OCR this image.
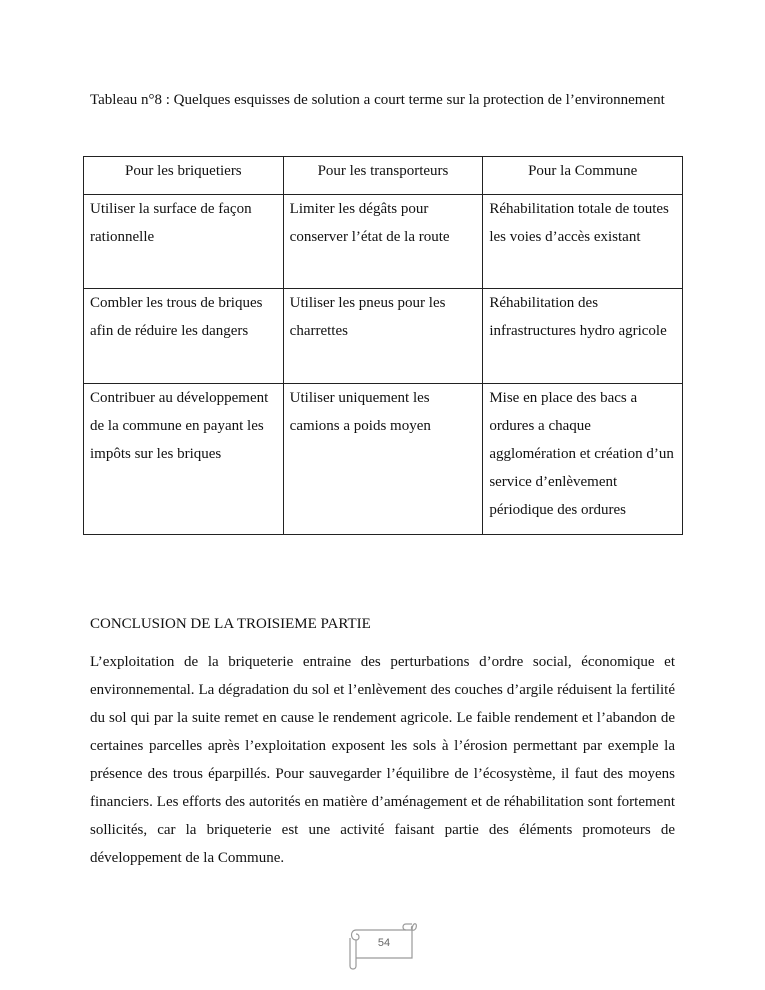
Tableau n°8 : Quelques esquisses de solution a court terme sur la protection de l’environnement
Pour les briquetiers	Pour les transporteurs	Pour la Commune
Utiliser la surface de façon rationnelle	Limiter les dégâts pour conserver l’état de la route	Réhabilitation totale de toutes les voies d’accès existant
Combler les trous de briques afin de réduire les dangers	Utiliser les pneus pour les charrettes	Réhabilitation des infrastructures hydro agricole
Contribuer au développement de la commune en payant les impôts sur les briques	Utiliser uniquement les camions a poids moyen	Mise en place des bacs a ordures a chaque agglomération et création d’un service d’enlèvement périodique des ordures
CONCLUSION DE LA TROISIEME PARTIE

L’exploitation de la briqueterie entraine des perturbations d’ordre social, économique et environnemental. La dégradation du sol et l’enlèvement des couches d’argile réduisent la fertilité du sol qui par la suite remet en cause le rendement agricole. Le faible rendement et l’abandon de certaines parcelles après l’exploitation exposent les sols à l’érosion permettant par exemple la présence des trous éparpillés. Pour sauvegarder l’équilibre de l’écosystème, il faut des moyens financiers. Les efforts des autorités en matière d’aménagement et de réhabilitation sont fortement sollicités, car la briqueterie est une activité faisant partie des éléments promoteurs de développement de la Commune.

54
